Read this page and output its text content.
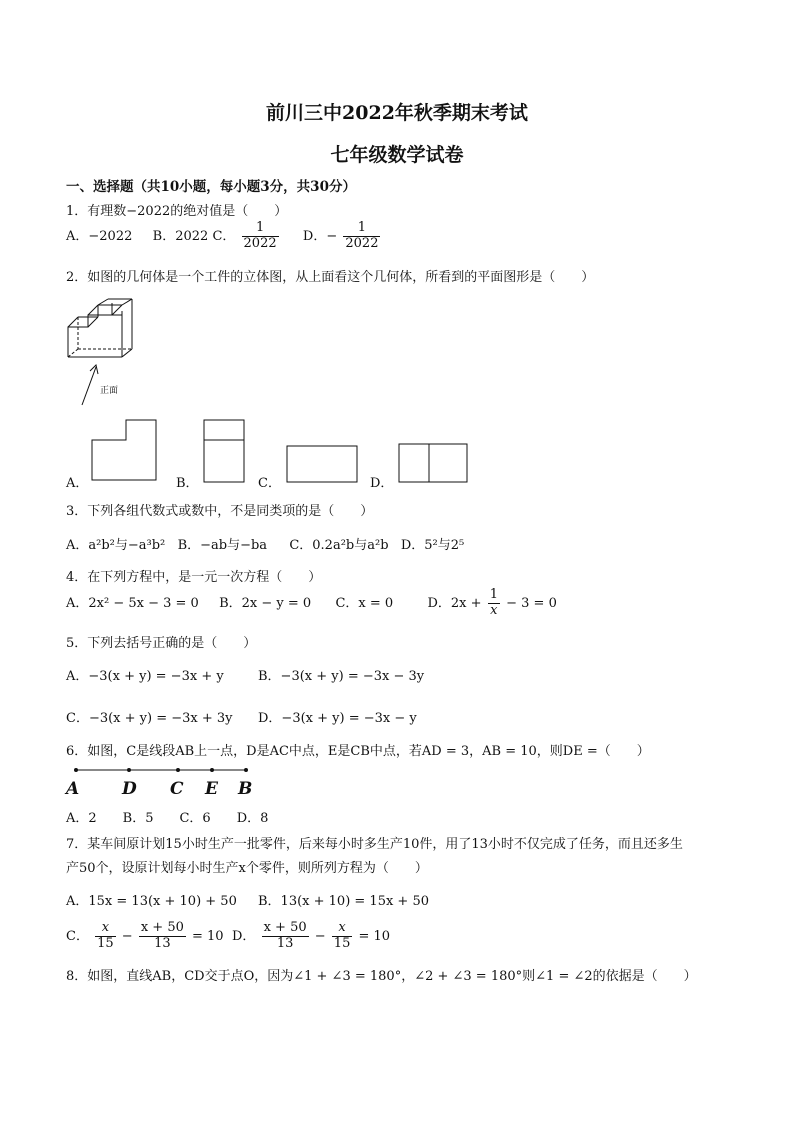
前川三中2022年秋季期末考试
七年级数学试卷
一、选择题（共10小题，每小题3分，共30分）
1．有理数−2022的绝对值是（　　）
A．−2022 B．2022 C． $\frac{1}{2022}$ D．− $\frac{1}{2022}$
2．如图的几何体是一个工件的立体图，从上面看这个几何体，所看到的平面图形是（　　）
正面
A．	B．	C．	D．
3．下列各组代数式或数中，不是同类项的是（　　）
A．a²b²与−a³b² B．−ab与−ba C．0.2a²b与a²b D．5²与2⁵
4．在下列方程中，是一元一次方程（　　）
A．2x² − 5x − 3 = 0 B．2x − y = 0 C．x = 0	D．$2x + \frac{1}{x} - 3 = 0$
5．下列去括号正确的是（　　）
A．−3(x + y) = −3x + y	B．−3(x + y) = −3x − 3y
C．−3(x + y) = −3x + 3y D．−3(x + y) = −3x − y
6．如图，C是线段AB上一点，D是AC中点，E是CB中点，若AD = 3，AB = 10，则DE =（　　）
A	D C E B
A．2　　B．5　　C．6　　D．8
7．某车间原计划15小时生产一批零件，后来每小时多生产10件，用了13小时不仅完成了任务，而且还多生
产50个，设原计划每小时生产x个零件，则所列方程为（　　）
A．15x = 13(x + 10) + 50 B．13(x + 10) = 15x + 50
C． $\frac{x}{15} - \frac{x + 50}{13} = 10$ D． $\frac{x + 50}{13} - \frac{x}{15} = 10$
8．如图，直线AB，CD交于点O，因为∠1 + ∠3 = 180°，∠2 + ∠3 = 180°则∠1 = ∠2的依据是（　　）
